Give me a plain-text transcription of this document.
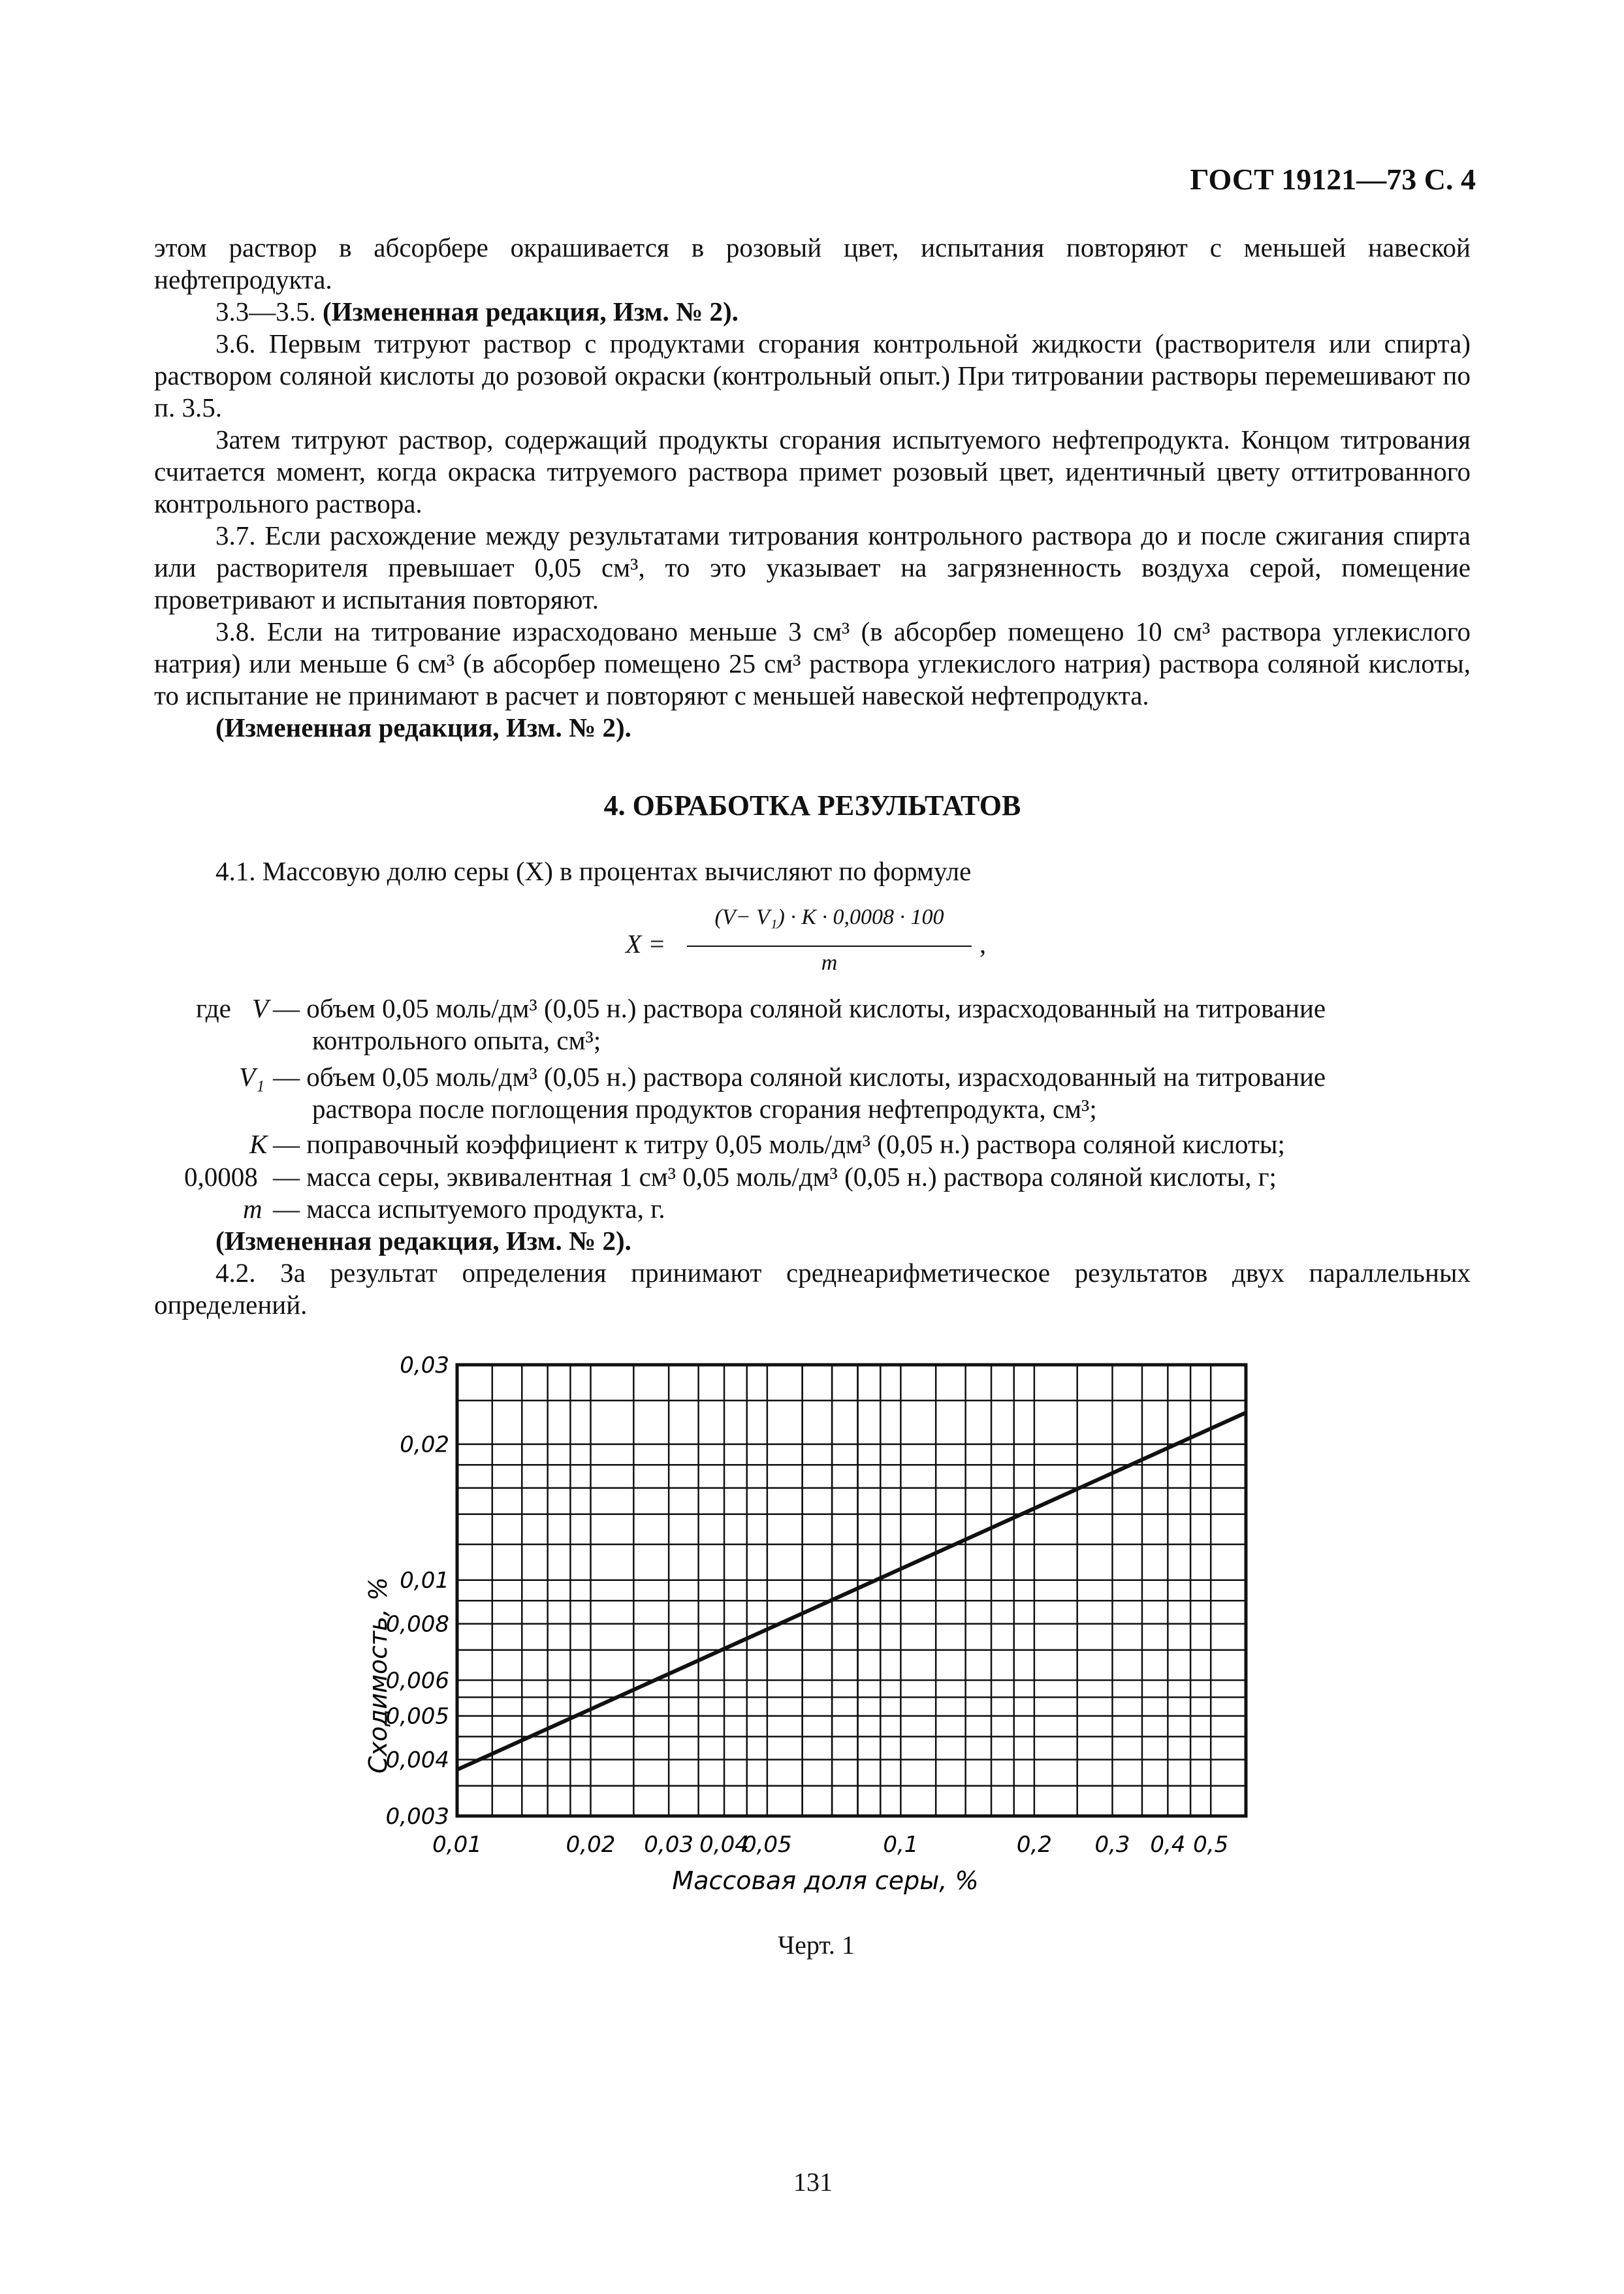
ГОСТ 19121—73 С. 4

этом раствор в абсорбере окрашивается в розовый цвет, испытания повторяют с меньшей навеской нефтепродукта.

3.3—3.5. (Измененная редакция, Изм. № 2).

3.6. Первым титруют раствор с продуктами сгорания контрольной жидкости (растворителя или спирта) раствором соляной кислоты до розовой окраски (контрольный опыт.) При титровании растворы перемешивают по п. 3.5.

Затем титруют раствор, содержащий продукты сгорания испытуемого нефтепродукта. Концом титрования считается момент, когда окраска титруемого раствора примет розовый цвет, идентичный цвету оттитрованного контрольного раствора.

3.7. Если расхождение между результатами титрования контрольного раствора до и после сжигания спирта или растворителя превышает 0,05 см³, то это указывает на загрязненность воздуха серой, помещение проветривают и испытания повторяют.

3.8. Если на титрование израсходовано меньше 3 см³ (в абсорбер помещено 10 см³ раствора углекислого натрия) или меньше 6 см³ (в абсорбер помещено 25 см³ раствора углекислого натрия) раствора соляной кислоты, то испытание не принимают в расчет и повторяют с меньшей навеской нефтепродукта.

(Измененная редакция, Изм. № 2).

4. ОБРАБОТКА РЕЗУЛЬТАТОВ

4.1. Массовую долю серы (X) в процентах вычисляют по формуле

X =
(V− V₁) · K · 0,0008 · 100
m
,
где V — объем 0,05 моль/дм³ (0,05 н.) раствора соляной кислоты, израсходованный на титрование
контрольного опыта, см³;
V₁ — объем 0,05 моль/дм³ (0,05 н.) раствора соляной кислоты, израсходованный на титрование
раствора после поглощения продуктов сгорания нефтепродукта, см³;
K — поправочный коэффициент к титру 0,05 моль/дм³ (0,05 н.) раствора соляной кислоты;
0,0008 — масса серы, эквивалентная 1 см³ 0,05 моль/дм³ (0,05 н.) раствора соляной кислоты, г;
m — масса испытуемого продукта, г.

(Измененная редакция, Изм. № 2).

4.2. За результат определения принимают среднеарифметическое результатов двух параллельных определений.

0,01	0,02 0,03 0,04
0,05	0,1	0,2 0,3 0,4 0,5
0,003
0,004
0,005
0,006
0,008
0,01
0,02
0,03
Массовая доля серы, %
Сходимость, %
Черт. 1
131
